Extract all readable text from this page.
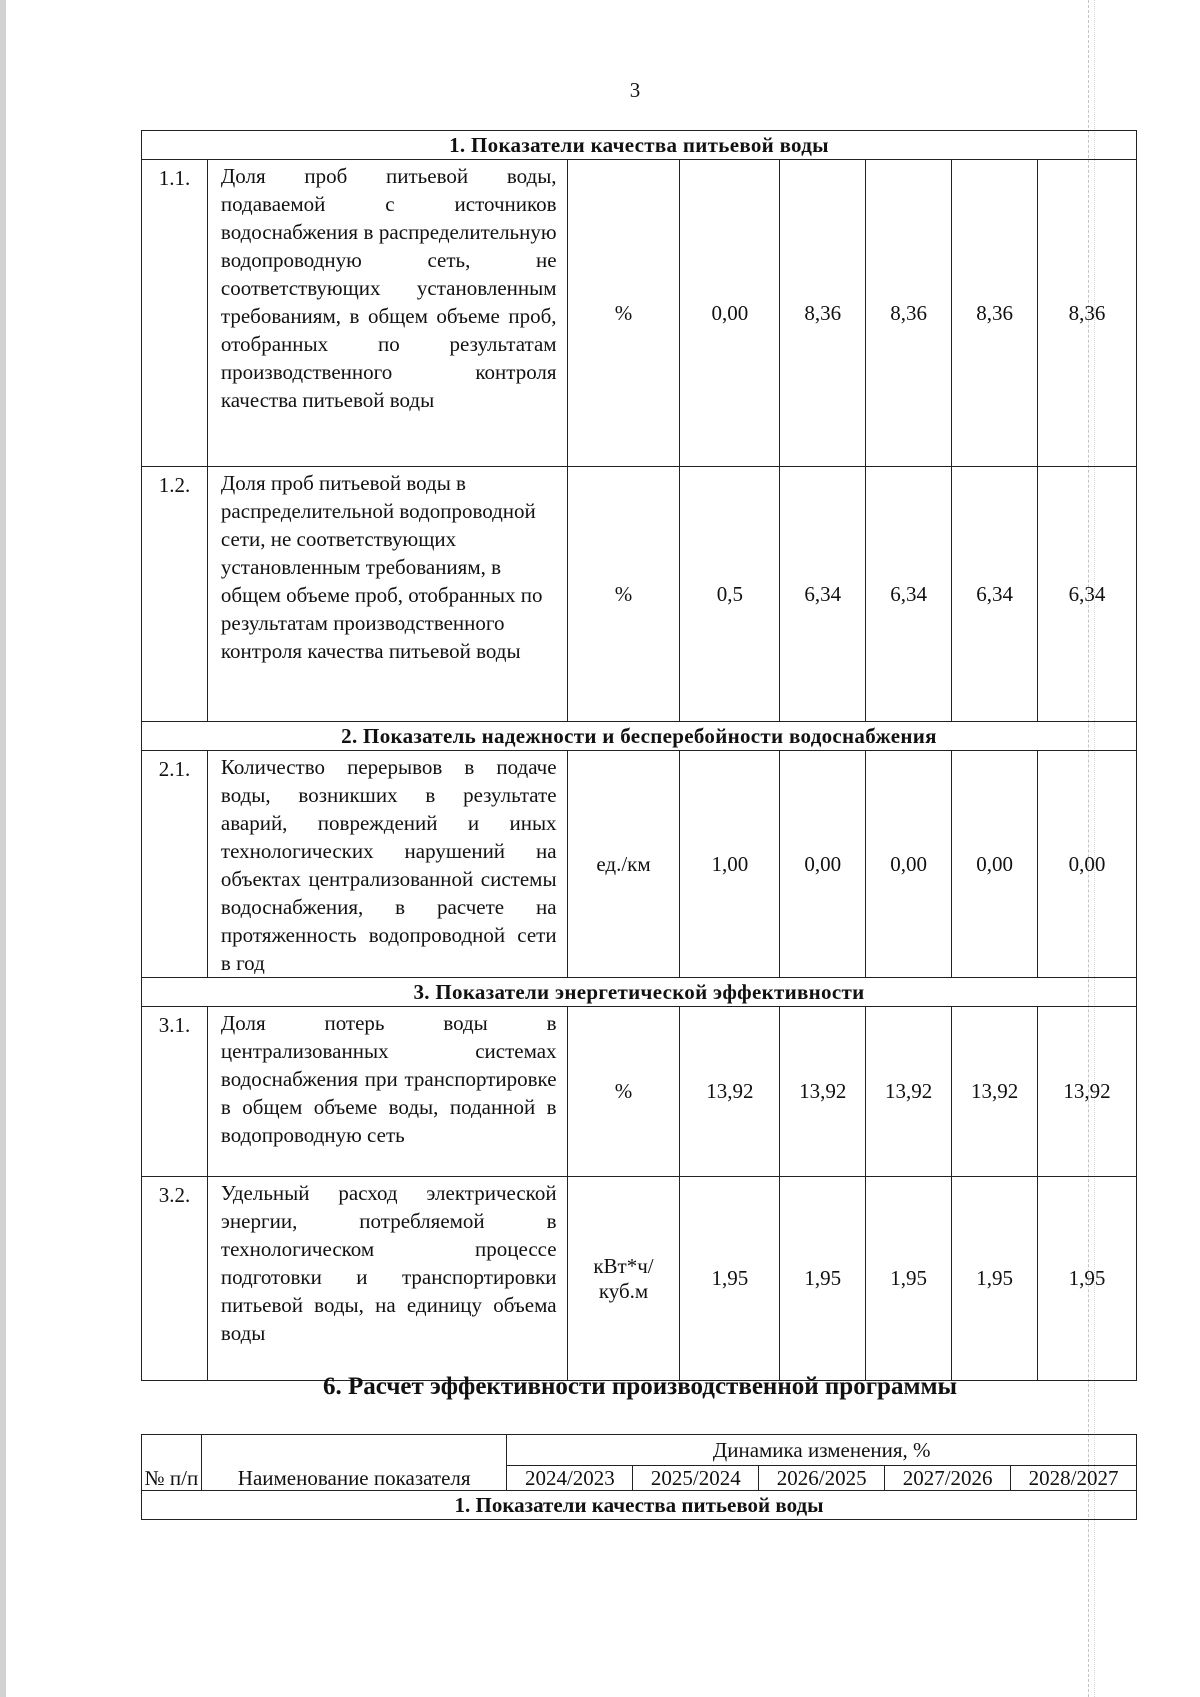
3
1. Показатели качества питьевой воды							
1.1.	Доля проб питьевой воды, подаваемой с источников водоснабжения в распределительную водопроводную сеть, не соответствующих установленным требованиям, в общем объеме проб, отобранных по результатам производственного контроля качества питьевой воды	%	0,00	8,36	8,36	8,36	8,36
1.2.	Доля проб питьевой воды в распределительной водопроводной сети, не соответствующих установленным требованиям, в общем объеме проб, отобранных по результатам производственного контроля качества питьевой воды	%	0,5	6,34	6,34	6,34	6,34
2. Показатель надежности и бесперебойности водоснабжения							
2.1.	Количество перерывов в подаче воды, возникших в результате аварий, повреждений и иных технологических нарушений на объектах централизованной системы водоснабжения, в расчете на протяженность водопроводной сети в год	ед./км	1,00	0,00	0,00	0,00	0,00
3. Показатели энергетической эффективности							
3.1.	Доля потерь воды в централизованных системах водоснабжения при транспортировке в общем объеме воды, поданной в водопроводную сеть	%	13,92	13,92	13,92	13,92	13,92
3.2.	Удельный расход электрической энергии, потребляемой в технологическом процессе подготовки и транспортировки питьевой воды, на единицу объема воды	кВт*ч/ куб.м	1,95	1,95	1,95	1,95	1,95
6. Расчет эффективности производственной программы
№ п/п	Наименование показателя	Динамика изменения, %				
		2024/2023	2025/2024	2026/2025	2027/2026	2028/2027
1. Показатели качества питьевой воды						
